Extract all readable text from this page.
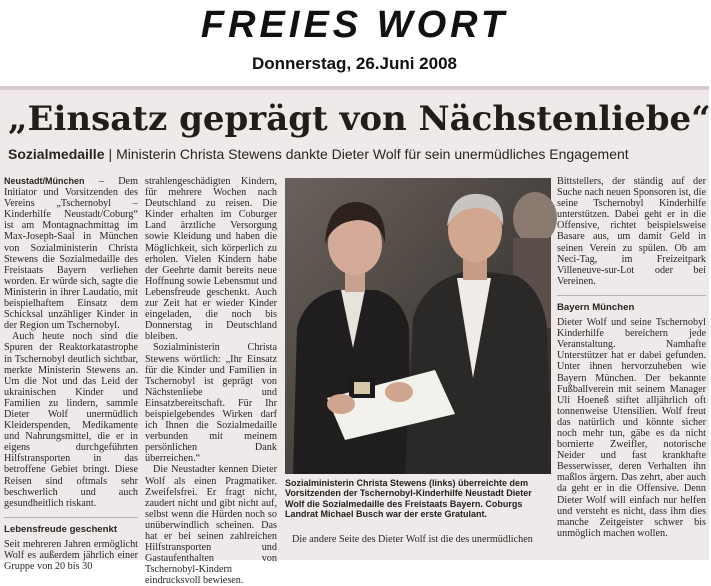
FREIES WORT
Donnerstag, 26.Juni 2008
„Einsatz geprägt von Nächstenliebe“
Sozialmedaille | Ministerin Christa Stewens dankte Dieter Wolf für sein unermüdliches Engagement

Neustadt/München – Dem Initiator und Vorsitzenden des Vereins „Tschernobyl – Kinderhilfe Neustadt/Coburg“ ist am Montagnachmittag im Max-Joseph-Saal in München von Sozialministerin Christa Stewens die Sozialmedaille des Freistaats Bayern verliehen worden. Er würde sich, sagte die Ministerin in ihrer Laudatio, mit beispielhaftem Einsatz dem Schicksal unzähliger Kinder in der Region um Tschernobyl.

Auch heute noch sind die Spuren der Reaktorkatastrophe in Tschernobyl deutlich sichtbar, merkte Ministerin Stewens an. Um die Not und das Leid der ukrainischen Kinder und Familien zu lindern, sammle Dieter Wolf unermüdlich Kleiderspenden, Medikamente und Nahrungsmittel, die er in eigens durchgeführten Hilfstransporten in das betroffene Gebiet bringt. Diese Reisen sind oftmals sehr beschwerlich und auch gesundheitlich riskant.

Lebensfreude geschenkt

Seit mehreren Jahren ermöglicht Wolf es außerdem jährlich einer Gruppe von 20 bis 30

strahlengeschädigten Kindern, für mehrere Wochen nach Deutschland zu reisen. Die Kinder erhalten im Coburger Land ärztliche Versorgung sowie Kleidung und haben die Möglichkeit, sich körperlich zu erholen. Vielen Kindern habe der Geehrte damit bereits neue Hoffnung sowie Lebensmut und Lebensfreude geschenkt. Auch zur Zeit hat er wieder Kinder eingeladen, die noch bis Donnerstag in Deutschland bleiben.

Sozialministerin Christa Stewens wörtlich: „Ihr Einsatz für die Kinder und Familien in Tschernobyl ist geprägt von Nächstenliebe und Einsatzbereitschaft. Für Ihr beispielgebendes Wirken darf ich Ihnen die Sozialmedaille verbunden mit meinem persönlichen Dank überreichen.“

Die Neustadter kennen Dieter Wolf als einen Pragmatiker. Zweifelsfrei. Er fragt nicht, zaudert nicht und gibt nicht auf, selbst wenn die Hürden noch so unüberwindlich scheinen. Das hat er bei seinen zahlreichen Hilfstransporten und Gastaufenthalten von Tschernobyl-Kindern eindrucksvoll bewiesen.

Sozialministerin Christa Stewens (links) überreichte dem Vorsitzenden der Tschernobyl-Kinderhilfe Neustadt Dieter Wolf die Sozialmedaille des Freistaats Bayern. Coburgs Landrat Michael Busch war der erste Gratulant.

Die andere Seite des Dieter Wolf ist die des unermüdlichen

Bittstellers, der ständig auf der Suche nach neuen Sponsoren ist, die seine Tschernobyl Kinderhilfe unterstützen. Dabei geht er in die Offensive, richtet beispielsweise Basare aus, um damit Geld in seinen Verein zu spülen. Ob am Neci-Tag, im Freizeitpark Villeneuve-sur-Lot oder bei Vereinen.

Bayern München

Dieter Wolf und seine Tschernobyl Kinderhilfe bereichern jede Veranstaltung. Namhafte Unterstützer hat er dabei gefunden. Unter ihnen hervorzuheben wie Bayern München. Der bekannte Fußballverein mit seinem Manager Uli Hoeneß stiftet alljährlich oft tonnenweise Utensilien. Wolf freut das natürlich und könnte sicher noch mehr tun, gäbe es da nicht bornierte Zweifler, notorische Neider und fast krankhafte Besserwisser, deren Verhalten ihn maßlos ärgern. Das zehrt, aber auch da geht er in die Offensive. Denn Dieter Wolf will einfach nur helfen und versteht es nicht, dass ihm dies manche Zeitgeister schwer bis unmöglich machen wollen.
